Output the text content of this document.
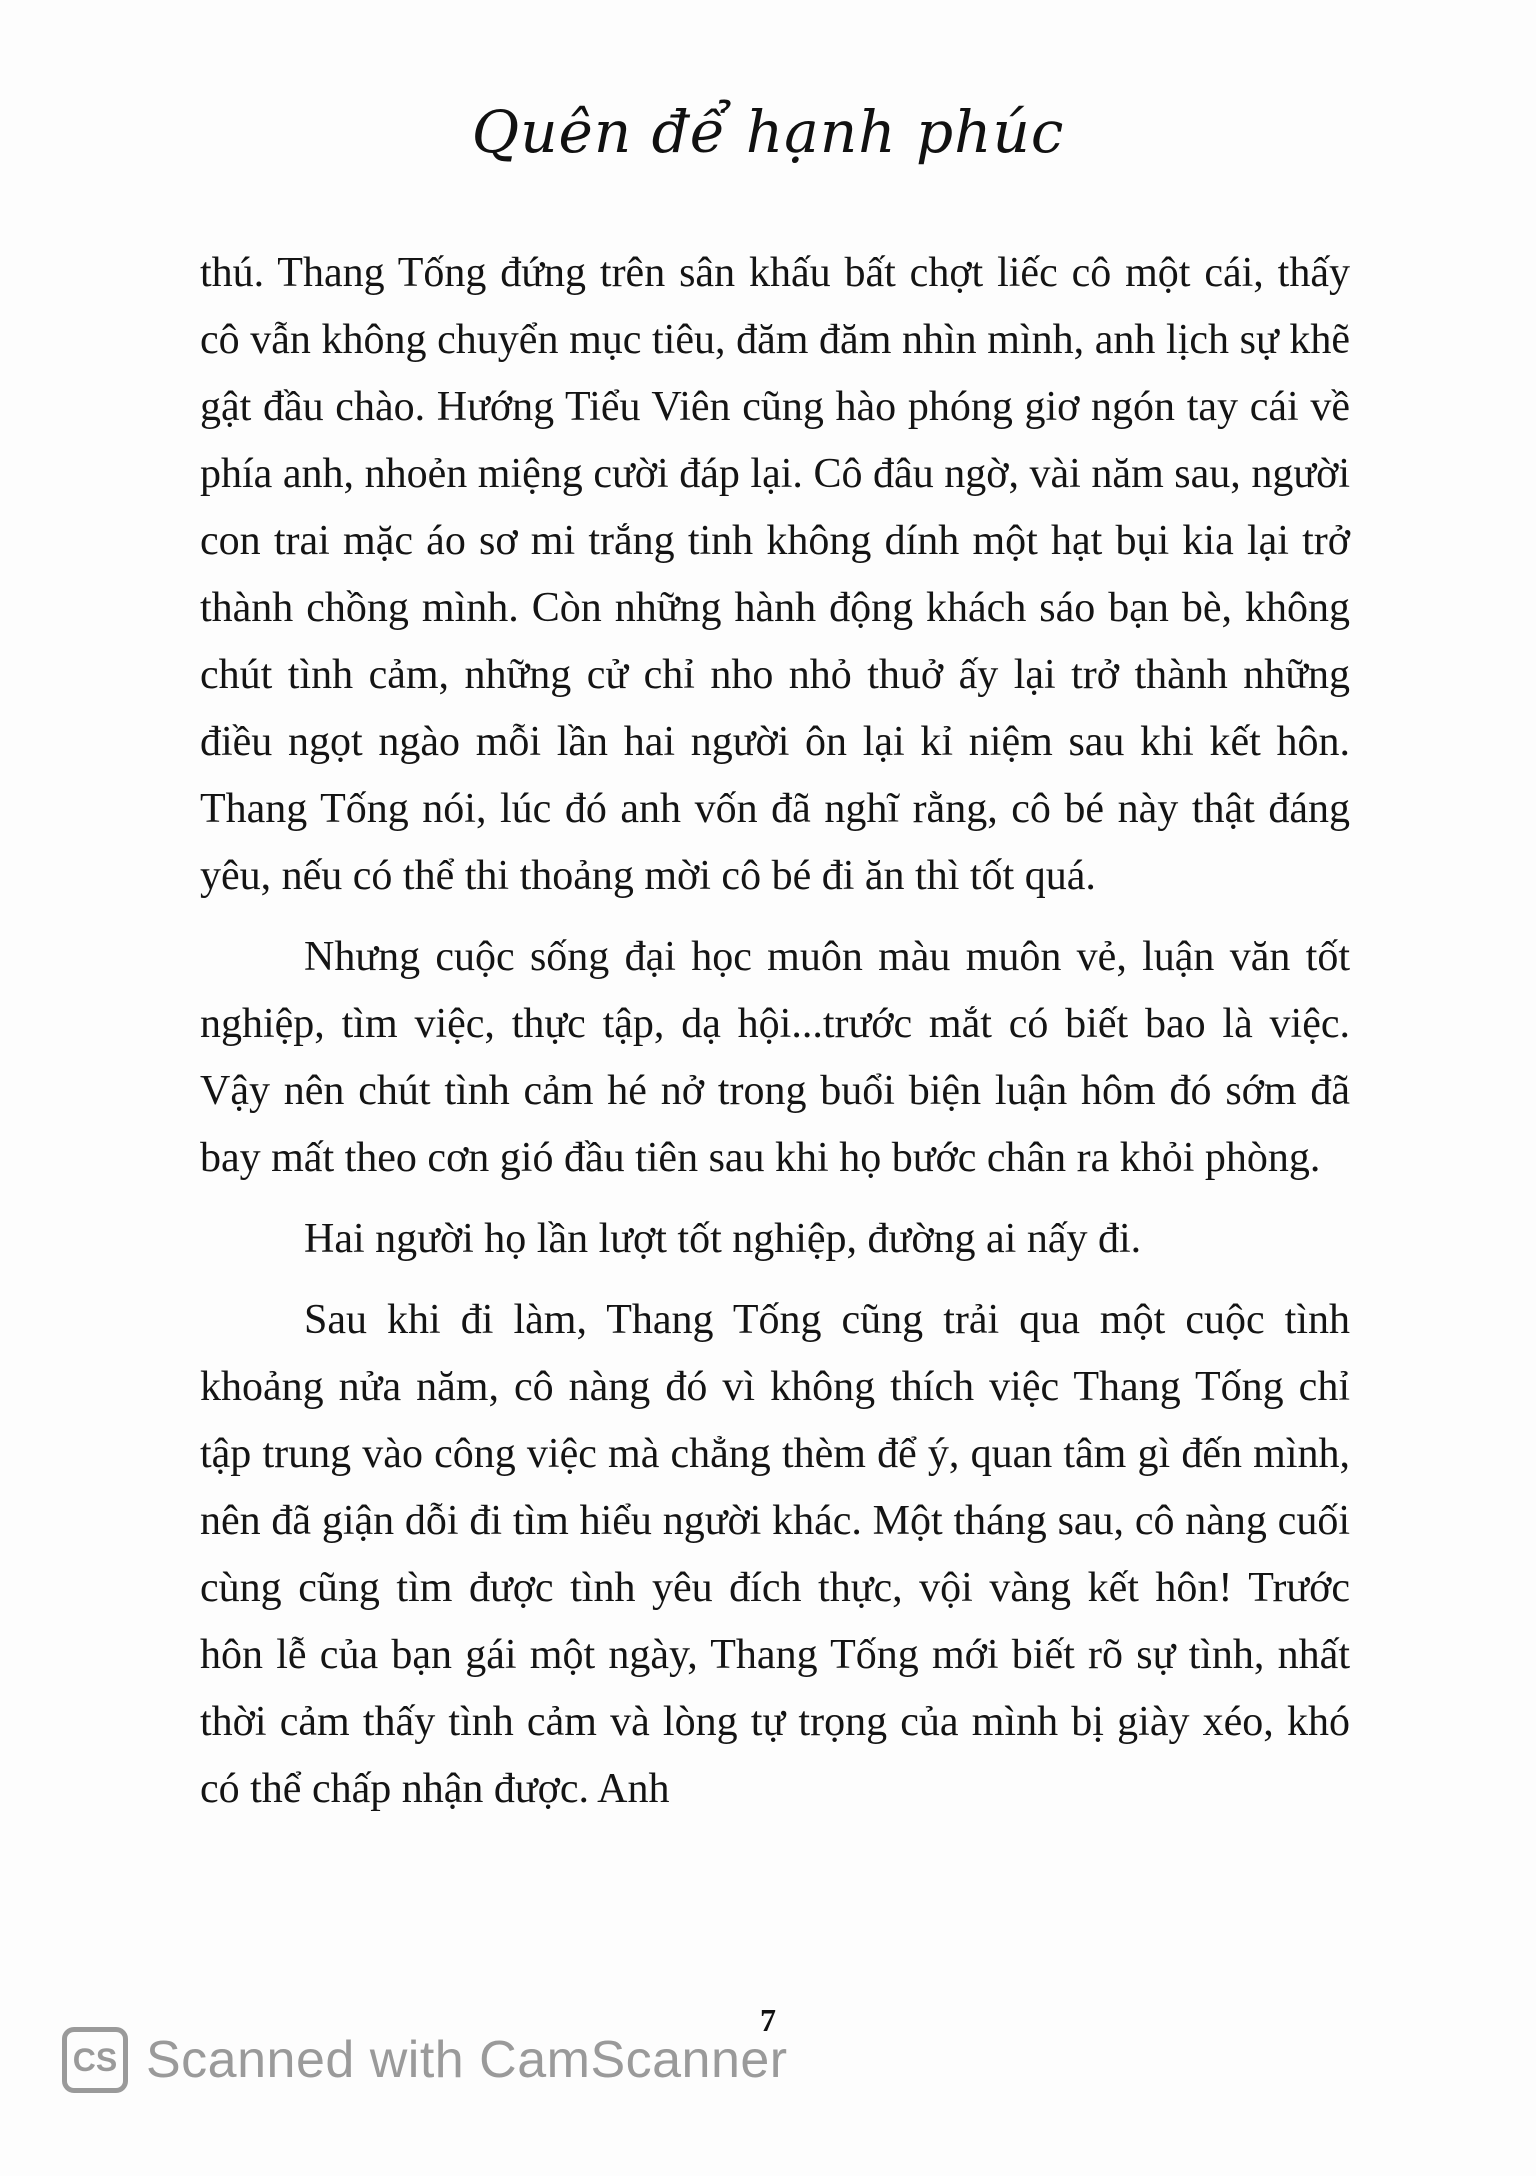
Quên để hạnh phúc

thú. Thang Tống đứng trên sân khấu bất chợt liếc cô một cái, thấy cô vẫn không chuyển mục tiêu, đăm đăm nhìn mình, anh lịch sự khẽ gật đầu chào. Hướng Tiểu Viên cũng hào phóng giơ ngón tay cái về phía anh, nhoẻn miệng cười đáp lại. Cô đâu ngờ, vài năm sau, người con trai mặc áo sơ mi trắng tinh không dính một hạt bụi kia lại trở thành chồng mình. Còn những hành động khách sáo bạn bè, không chút tình cảm, những cử chỉ nho nhỏ thuở ấy lại trở thành những điều ngọt ngào mỗi lần hai người ôn lại kỉ niệm sau khi kết hôn. Thang Tống nói, lúc đó anh vốn đã nghĩ rằng, cô bé này thật đáng yêu, nếu có thể thi thoảng mời cô bé đi ăn thì tốt quá.

Nhưng cuộc sống đại học muôn màu muôn vẻ, luận văn tốt nghiệp, tìm việc, thực tập, dạ hội...trước mắt có biết bao là việc. Vậy nên chút tình cảm hé nở trong buổi biện luận hôm đó sớm đã bay mất theo cơn gió đầu tiên sau khi họ bước chân ra khỏi phòng.

Hai người họ lần lượt tốt nghiệp, đường ai nấy đi.

Sau khi đi làm, Thang Tống cũng trải qua một cuộc tình khoảng nửa năm, cô nàng đó vì không thích việc Thang Tống chỉ tập trung vào công việc mà chẳng thèm để ý, quan tâm gì đến mình, nên đã giận dỗi đi tìm hiểu người khác. Một tháng sau, cô nàng cuối cùng cũng tìm được tình yêu đích thực, vội vàng kết hôn! Trước hôn lễ của bạn gái một ngày, Thang Tống mới biết rõ sự tình, nhất thời cảm thấy tình cảm và lòng tự trọng của mình bị giày xéo, khó có thể chấp nhận được. Anh

7
CS Scanned with CamScanner
